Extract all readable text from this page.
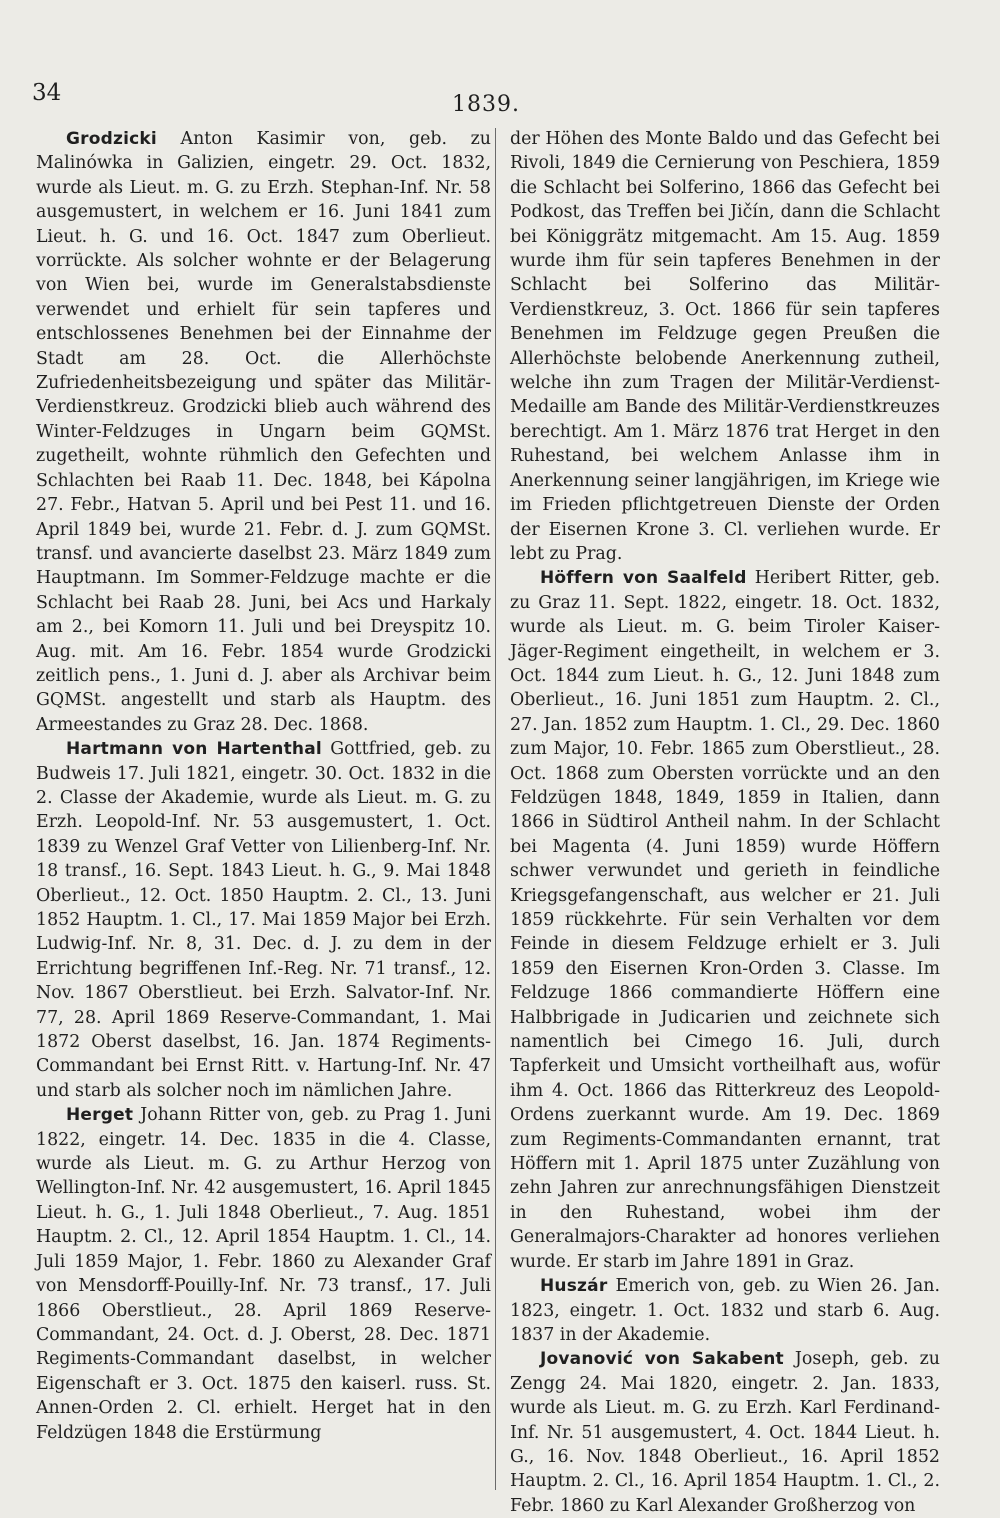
34	1839.

Grodzicki Anton Kasimir von, geb. zu Malinówka in Galizien, eingetr. 29. Oct. 1832, wurde als Lieut. m. G. zu Erzh. Stephan-Inf. Nr. 58 ausgemustert, in welchem er 16. Juni 1841 zum Lieut. h. G. und 16. Oct. 1847 zum Oberlieut. vorrückte. Als solcher wohnte er der Belagerung von Wien bei, wurde im Generalstabsdienste verwendet und erhielt für sein tapferes und entschlossenes Benehmen bei der Einnahme der Stadt am 28. Oct. die Allerhöchste Zufriedenheitsbezeigung und später das Militär-Verdienstkreuz. Grodzicki blieb auch während des Winter-Feldzuges in Ungarn beim GQMSt. zugetheilt, wohnte rühmlich den Gefechten und Schlachten bei Raab 11. Dec. 1848, bei Kápolna 27. Febr., Hatvan 5. April und bei Pest 11. und 16. April 1849 bei, wurde 21. Febr. d. J. zum GQMSt. transf. und avancierte daselbst 23. März 1849 zum Hauptmann. Im Sommer-Feldzuge machte er die Schlacht bei Raab 28. Juni, bei Acs und Harkaly am 2., bei Komorn 11. Juli und bei Dreyspitz 10. Aug. mit. Am 16. Febr. 1854 wurde Grodzicki zeitlich pens., 1. Juni d. J. aber als Archivar beim GQMSt. angestellt und starb als Hauptm. des Armeestandes zu Graz 28. Dec. 1868.

Hartmann von Hartenthal Gottfried, geb. zu Budweis 17. Juli 1821, eingetr. 30. Oct. 1832 in die 2. Classe der Akademie, wurde als Lieut. m. G. zu Erzh. Leopold-Inf. Nr. 53 ausgemustert, 1. Oct. 1839 zu Wenzel Graf Vetter von Lilienberg-Inf. Nr. 18 transf., 16. Sept. 1843 Lieut. h. G., 9. Mai 1848 Oberlieut., 12. Oct. 1850 Hauptm. 2. Cl., 13. Juni 1852 Hauptm. 1. Cl., 17. Mai 1859 Major bei Erzh. Ludwig-Inf. Nr. 8, 31. Dec. d. J. zu dem in der Errichtung begriffenen Inf.-Reg. Nr. 71 transf., 12. Nov. 1867 Oberstlieut. bei Erzh. Salvator-Inf. Nr. 77, 28. April 1869 Reserve-Commandant, 1. Mai 1872 Oberst daselbst, 16. Jan. 1874 Regiments-Commandant bei Ernst Ritt. v. Hartung-Inf. Nr. 47 und starb als solcher noch im nämlichen Jahre.

Herget Johann Ritter von, geb. zu Prag 1. Juni 1822, eingetr. 14. Dec. 1835 in die 4. Classe, wurde als Lieut. m. G. zu Arthur Herzog von Wellington-Inf. Nr. 42 ausgemustert, 16. April 1845 Lieut. h. G., 1. Juli 1848 Oberlieut., 7. Aug. 1851 Hauptm. 2. Cl., 12. April 1854 Hauptm. 1. Cl., 14. Juli 1859 Major, 1. Febr. 1860 zu Alexander Graf von Mensdorff-Pouilly-Inf. Nr. 73 transf., 17. Juli 1866 Oberstlieut., 28. April 1869 Reserve-Commandant, 24. Oct. d. J. Oberst, 28. Dec. 1871 Regiments-Commandant daselbst, in welcher Eigenschaft er 3. Oct. 1875 den kaiserl. russ. St. Annen-Orden 2. Cl. erhielt. Herget hat in den Feldzügen 1848 die Erstürmung

der Höhen des Monte Baldo und das Gefecht bei Rivoli, 1849 die Cernierung von Peschiera, 1859 die Schlacht bei Solferino, 1866 das Gefecht bei Podkost, das Treffen bei Jičín, dann die Schlacht bei Königgrätz mitgemacht. Am 15. Aug. 1859 wurde ihm für sein tapferes Benehmen in der Schlacht bei Solferino das Militär-Verdienstkreuz, 3. Oct. 1866 für sein tapferes Benehmen im Feldzuge gegen Preußen die Allerhöchste belobende Anerkennung zutheil, welche ihn zum Tragen der Militär-Verdienst-Medaille am Bande des Militär-Verdienstkreuzes berechtigt. Am 1. März 1876 trat Herget in den Ruhestand, bei welchem Anlasse ihm in Anerkennung seiner langjährigen, im Kriege wie im Frieden pflichtgetreuen Dienste der Orden der Eisernen Krone 3. Cl. verliehen wurde. Er lebt zu Prag.

Höffern von Saalfeld Heribert Ritter, geb. zu Graz 11. Sept. 1822, eingetr. 18. Oct. 1832, wurde als Lieut. m. G. beim Tiroler Kaiser-Jäger-Regiment eingetheilt, in welchem er 3. Oct. 1844 zum Lieut. h. G., 12. Juni 1848 zum Oberlieut., 16. Juni 1851 zum Hauptm. 2. Cl., 27. Jan. 1852 zum Hauptm. 1. Cl., 29. Dec. 1860 zum Major, 10. Febr. 1865 zum Oberstlieut., 28. Oct. 1868 zum Obersten vorrückte und an den Feldzügen 1848, 1849, 1859 in Italien, dann 1866 in Südtirol Antheil nahm. In der Schlacht bei Magenta (4. Juni 1859) wurde Höffern schwer verwundet und gerieth in feindliche Kriegsgefangenschaft, aus welcher er 21. Juli 1859 rückkehrte. Für sein Verhalten vor dem Feinde in diesem Feldzuge erhielt er 3. Juli 1859 den Eisernen Kron-Orden 3. Classe. Im Feldzuge 1866 commandierte Höffern eine Halbbrigade in Judicarien und zeichnete sich namentlich bei Cimego 16. Juli, durch Tapferkeit und Umsicht vortheilhaft aus, wofür ihm 4. Oct. 1866 das Ritterkreuz des Leopold-Ordens zuerkannt wurde. Am 19. Dec. 1869 zum Regiments-Commandanten ernannt, trat Höffern mit 1. April 1875 unter Zuzählung von zehn Jahren zur anrechnungsfähigen Dienstzeit in den Ruhestand, wobei ihm der Generalmajors-Charakter ad honores verliehen wurde. Er starb im Jahre 1891 in Graz.

Huszár Emerich von, geb. zu Wien 26. Jan. 1823, eingetr. 1. Oct. 1832 und starb 6. Aug. 1837 in der Akademie.

Jovanović von Sakabent Joseph, geb. zu Zengg 24. Mai 1820, eingetr. 2. Jan. 1833, wurde als Lieut. m. G. zu Erzh. Karl Ferdinand-Inf. Nr. 51 ausgemustert, 4. Oct. 1844 Lieut. h. G., 16. Nov. 1848 Oberlieut., 16. April 1852 Hauptm. 2. Cl., 16. April 1854 Hauptm. 1. Cl., 2. Febr. 1860 zu Karl Alexander Großherzog von
